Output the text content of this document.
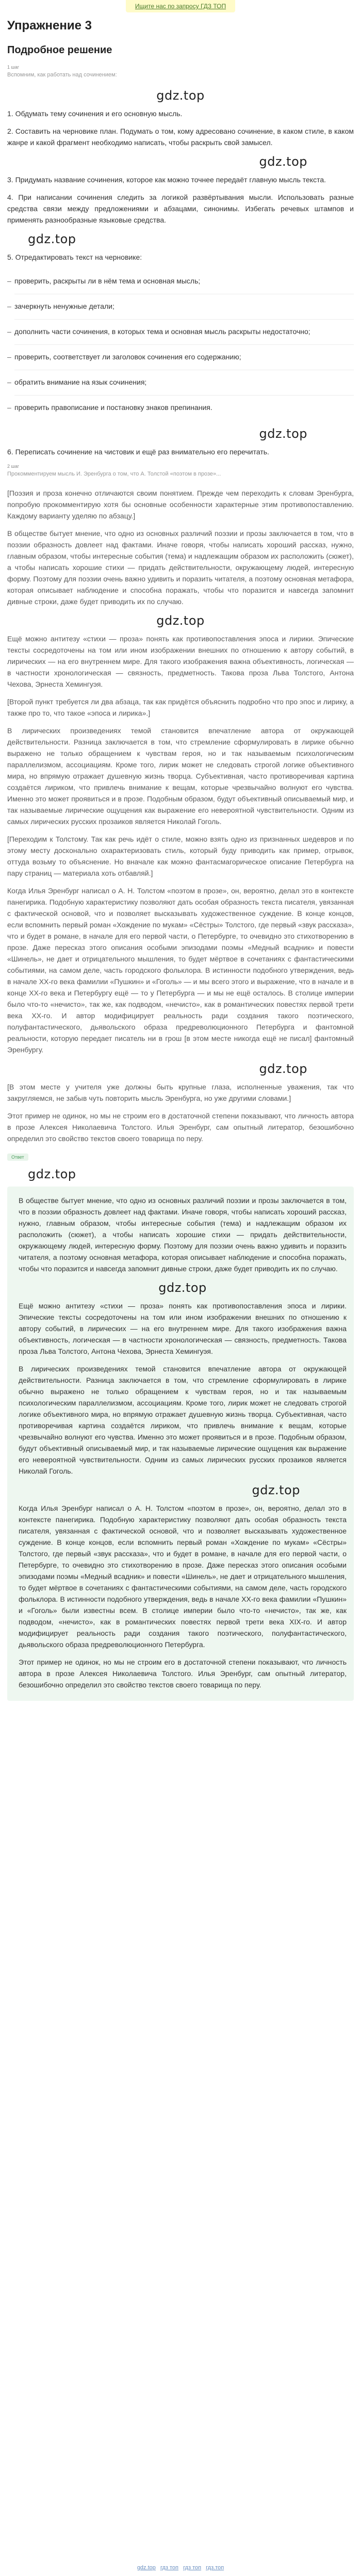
Ищите нас по запросу ГДЗ ТОП
Упражнение 3
Подробное решение
1 шаг
Вспомним, как работать над сочинением:
gdz.top

1. Обдумать тему сочинения и его основную мысль.

2. Составить на черновике план. Подумать о том, кому адресовано сочинение, в каком стиле, в каком жанре и какой фрагмент необходимо написать, чтобы раскрыть свой замысел.

gdz.top

3. Придумать название сочинения, которое как можно точнее передаёт главную мысль текста.

4. При написании сочинения следить за логикой развёртывания мысли. Использовать разные средства связи между предложениями и абзацами, синонимы. Избегать речевых штампов и применять разнообразные языковые средства.

gdz.top

5. Отредактировать текст на черновике:

– проверить, раскрыты ли в нём тема и основная мысль;
– зачеркнуть ненужные детали;
– дополнить части сочинения, в которых тема и основная мысль раскрыты недостаточно;
– проверить, соответствует ли заголовок сочинения его содержанию;
– обратить внимание на язык сочинения;
– проверить правописание и постановку знаков препинания.
gdz.top

6. Переписать сочинение на чистовик и ещё раз внимательно его перечитать.

2 шаг
Прокомментируем мысль И. Эренбурга о том, что А. Толстой «поэтом в прозе»...

[Поэзия и проза конечно отличаются своим понятием. Прежде чем переходить к словам Эренбурга, попробую прокомментирую хотя бы основные особенности характерные этим противопоставлению. Каждому варианту уделяю по абзацу.]

В обществе бытует мнение, что одно из основных различий поэзии и прозы заключается в том, что в поэзии образность довлеет над фактами. Иначе говоря, чтобы написать хороший рассказ, нужно, главным образом, чтобы интересные события (тема) и надлежащим образом их расположить (сюжет), а чтобы написать хорошие стихи — придать действительности, окружающему людей, интересную форму. Поэтому для поэзии очень важно удивить и поразить читателя, а поэтому основная метафора, которая описывает наблюдение и способна поражать, чтобы что поразится и навсегда запомнит дивные строки, даже будет приводить их по случаю.

gdz.top

Ещё можно антитезу «стихи — проза» понять как противопоставления эпоса и лирики. Эпические тексты сосредоточены на том или ином изображении внешних по отношению к автору событий, в лирических — на его внутреннем мире. Для такого изображения важна объективность, логическая — в частности хронологическая — связность, предметность. Такова проза Льва Толстого, Антона Чехова, Эрнеста Хемингуэя.

[Второй пункт требуется ли два абзаца, так как придётся объяснить подробно что про эпос и лирику, а также про то, что такое «эпоса и лирика».]

В лирических произведениях темой становится впечатление автора от окружающей действительности. Разница заключается в том, что стремление сформулировать в лирике обычно выражено не только обращением к чувствам героя, но и так называемым психологическим параллелизмом, ассоциациям. Кроме того, лирик может не следовать строгой логике объективного мира, но впрямую отражает душевную жизнь творца. Субъективная, часто противоречивая картина создаётся лириком, что привлечь внимание к вещам, которые чрезвычайно волнуют его чувства. Именно это может проявиться и в прозе. Подобным образом, будут объективный описываемый мир, и так называемые лирические ощущения как выражение его невероятной чувствительности. Одним из самых лирических русских прозаиков является Николай Гоголь.

[Переходим к Толстому. Так как речь идёт о стиле, можно взять одно из признанных шедевров и по этому месту досконально охарактеризовать стиль, который буду приводить как пример, отрывок, оттуда возьму то объяснение. Но вначале как можно фантасмагорическое описание Петербурга на пару страниц — материала хоть отбавляй.]

Когда Илья Эренбург написал о А. Н. Толстом «поэтом в прозе», он, вероятно, делал это в контексте панегирика. Подобную характеристику позволяют дать особая образность текста писателя, увязанная с фактической основой, что и позволяет высказывать художественное суждение. В конце концов, если вспомнить первый роман «Хождение по мукам» «Сёстры» Толстого, где первый «звук рассказа», что и будет в романе, в начале для его первой части, о Петербурге, то очевидно это стихотворению в прозе. Даже пересказ этого описания особыми эпизодами поэмы «Медный всадник» и повести «Шинель», не дает и отрицательного мышления, то будет мёртвое в сочетаниях с фантастическими событиями, на самом деле, часть городского фольклора. В истинности подобного утверждения, ведь в начале XX-го века фамилии «Пушкин» и «Гоголь» — и мы всего этого и выражение, что в начале и в конце XX-го века и Петербургу ещё — то у Петербурга — и мы не ещё осталось. В столице империи было что-то «нечисто», так же, как подводом, «нечисто», как в романтических повестях первой трети века XX-го. И автор модифицирует реальность ради создания такого поэтического, полуфантастического, дьявольского образа предреволюционного Петербурга и фантомной реальности, которую передает писатель ни в грош [в этом месте никогда ещё не писал] фантомный Эренбургу.

gdz.top

[В этом месте у учителя уже должны быть крупные глаза, исполненные уважения, так что закругляемся, не забыв чуть повторить мысль Эренбурга, но уже другими словами.]

Этот пример не одинок, но мы не строим его в достаточной степени показывают, что личность автора в прозе Алексея Николаевича Толстого. Илья Эренбург, сам опытный литератор, безошибочно определил это свойство текстов своего товарища по перу.

Ответ
gdz.top

В обществе бытует мнение, что одно из основных различий поэзии и прозы заключается в том, что в поэзии образность довлеет над фактами. Иначе говоря, чтобы написать хороший рассказ, нужно, главным образом, чтобы интересные события (тема) и надлежащим образом их расположить (сюжет), а чтобы написать хорошие стихи — придать действительности, окружающему людей, интересную форму. Поэтому для поэзии очень важно удивить и поразить читателя, а поэтому основная метафора, которая описывает наблюдение и способна поражать, чтобы что поразится и навсегда запомнит дивные строки, даже будет приводить их по случаю.

gdz.top

Ещё можно антитезу «стихи — проза» понять как противопоставления эпоса и лирики. Эпические тексты сосредоточены на том или ином изображении внешних по отношению к автору событий, в лирических — на его внутреннем мире. Для такого изображения важна объективность, логическая — в частности хронологическая — связность, предметность. Такова проза Льва Толстого, Антона Чехова, Эрнеста Хемингуэя.

В лирических произведениях темой становится впечатление автора от окружающей действительности. Разница заключается в том, что стремление сформулировать в лирике обычно выражено не только обращением к чувствам героя, но и так называемым психологическим параллелизмом, ассоциациям. Кроме того, лирик может не следовать строгой логике объективного мира, но впрямую отражает душевную жизнь творца. Субъективная, часто противоречивая картина создаётся лириком, что привлечь внимание к вещам, которые чрезвычайно волнуют его чувства. Именно это может проявиться и в прозе. Подобным образом, будут объективный описываемый мир, и так называемые лирические ощущения как выражение его невероятной чувствительности. Одним из самых лирических русских прозаиков является Николай Гоголь.

gdz.top

Когда Илья Эренбург написал о А. Н. Толстом «поэтом в прозе», он, вероятно, делал это в контексте панегирика. Подобную характеристику позволяют дать особая образность текста писателя, увязанная с фактической основой, что и позволяет высказывать художественное суждение. В конце концов, если вспомнить первый роман «Хождение по мукам» «Сёстры» Толстого, где первый «звук рассказа», что и будет в романе, в начале для его первой части, о Петербурге, то очевидно это стихотворению в прозе. Даже пересказ этого описания особыми эпизодами поэмы «Медный всадник» и повести «Шинель», не дает и отрицательного мышления, то будет мёртвое в сочетаниях с фантастическими событиями, на самом деле, часть городского фольклора. В истинности подобного утверждения, ведь в начале XX-го века фамилии «Пушкин» и «Гоголь» были известны всем. В столице империи было что-то «нечисто», так же, как подводом, «нечисто», как в романтических повестях первой трети века XIX-го. И автор модифицирует реальность ради создания такого поэтического, полуфантастического, дьявольского образа предреволюционного Петербурга.

Этот пример не одинок, но мы не строим его в достаточной степени показывают, что личность автора в прозе Алексея Николаевича Толстого. Илья Эренбург, сам опытный литератор, безошибочно определил это свойство текстов своего товарища по перу.

gdz.top гдз топ гдз топ гдз.топ
